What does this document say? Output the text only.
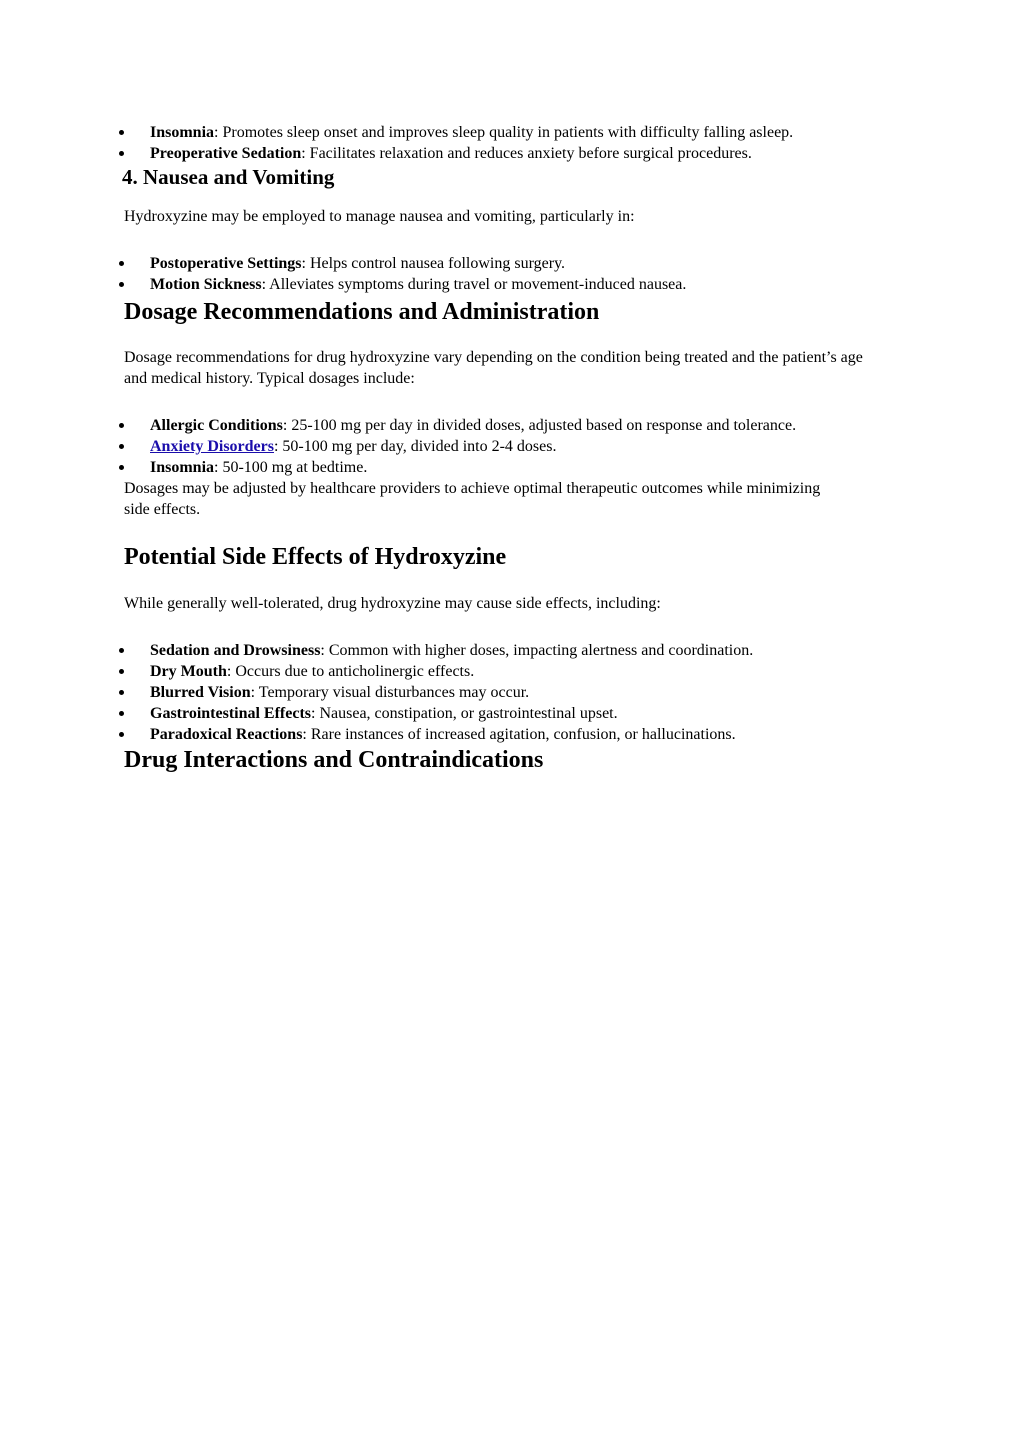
Insomnia: Promotes sleep onset and improves sleep quality in patients with difficulty falling asleep.
Preoperative Sedation: Facilitates relaxation and reduces anxiety before surgical procedures.
4. Nausea and Vomiting

Hydroxyzine may be employed to manage nausea and vomiting, particularly in:

Postoperative Settings: Helps control nausea following surgery.
Motion Sickness: Alleviates symptoms during travel or movement-induced nausea.
Dosage Recommendations and Administration

Dosage recommendations for drug hydroxyzine vary depending on the condition being treated and the patient’s age and medical history. Typical dosages include:

Allergic Conditions: 25-100 mg per day in divided doses, adjusted based on response and tolerance.
Anxiety Disorders: 50-100 mg per day, divided into 2-4 doses.
Insomnia: 50-100 mg at bedtime.

Dosages may be adjusted by healthcare providers to achieve optimal therapeutic outcomes while minimizing side effects.

Potential Side Effects of Hydroxyzine

While generally well-tolerated, drug hydroxyzine may cause side effects, including:

Sedation and Drowsiness: Common with higher doses, impacting alertness and coordination.
Dry Mouth: Occurs due to anticholinergic effects.
Blurred Vision: Temporary visual disturbances may occur.
Gastrointestinal Effects: Nausea, constipation, or gastrointestinal upset.
Paradoxical Reactions: Rare instances of increased agitation, confusion, or hallucinations.
Drug Interactions and Contraindications
